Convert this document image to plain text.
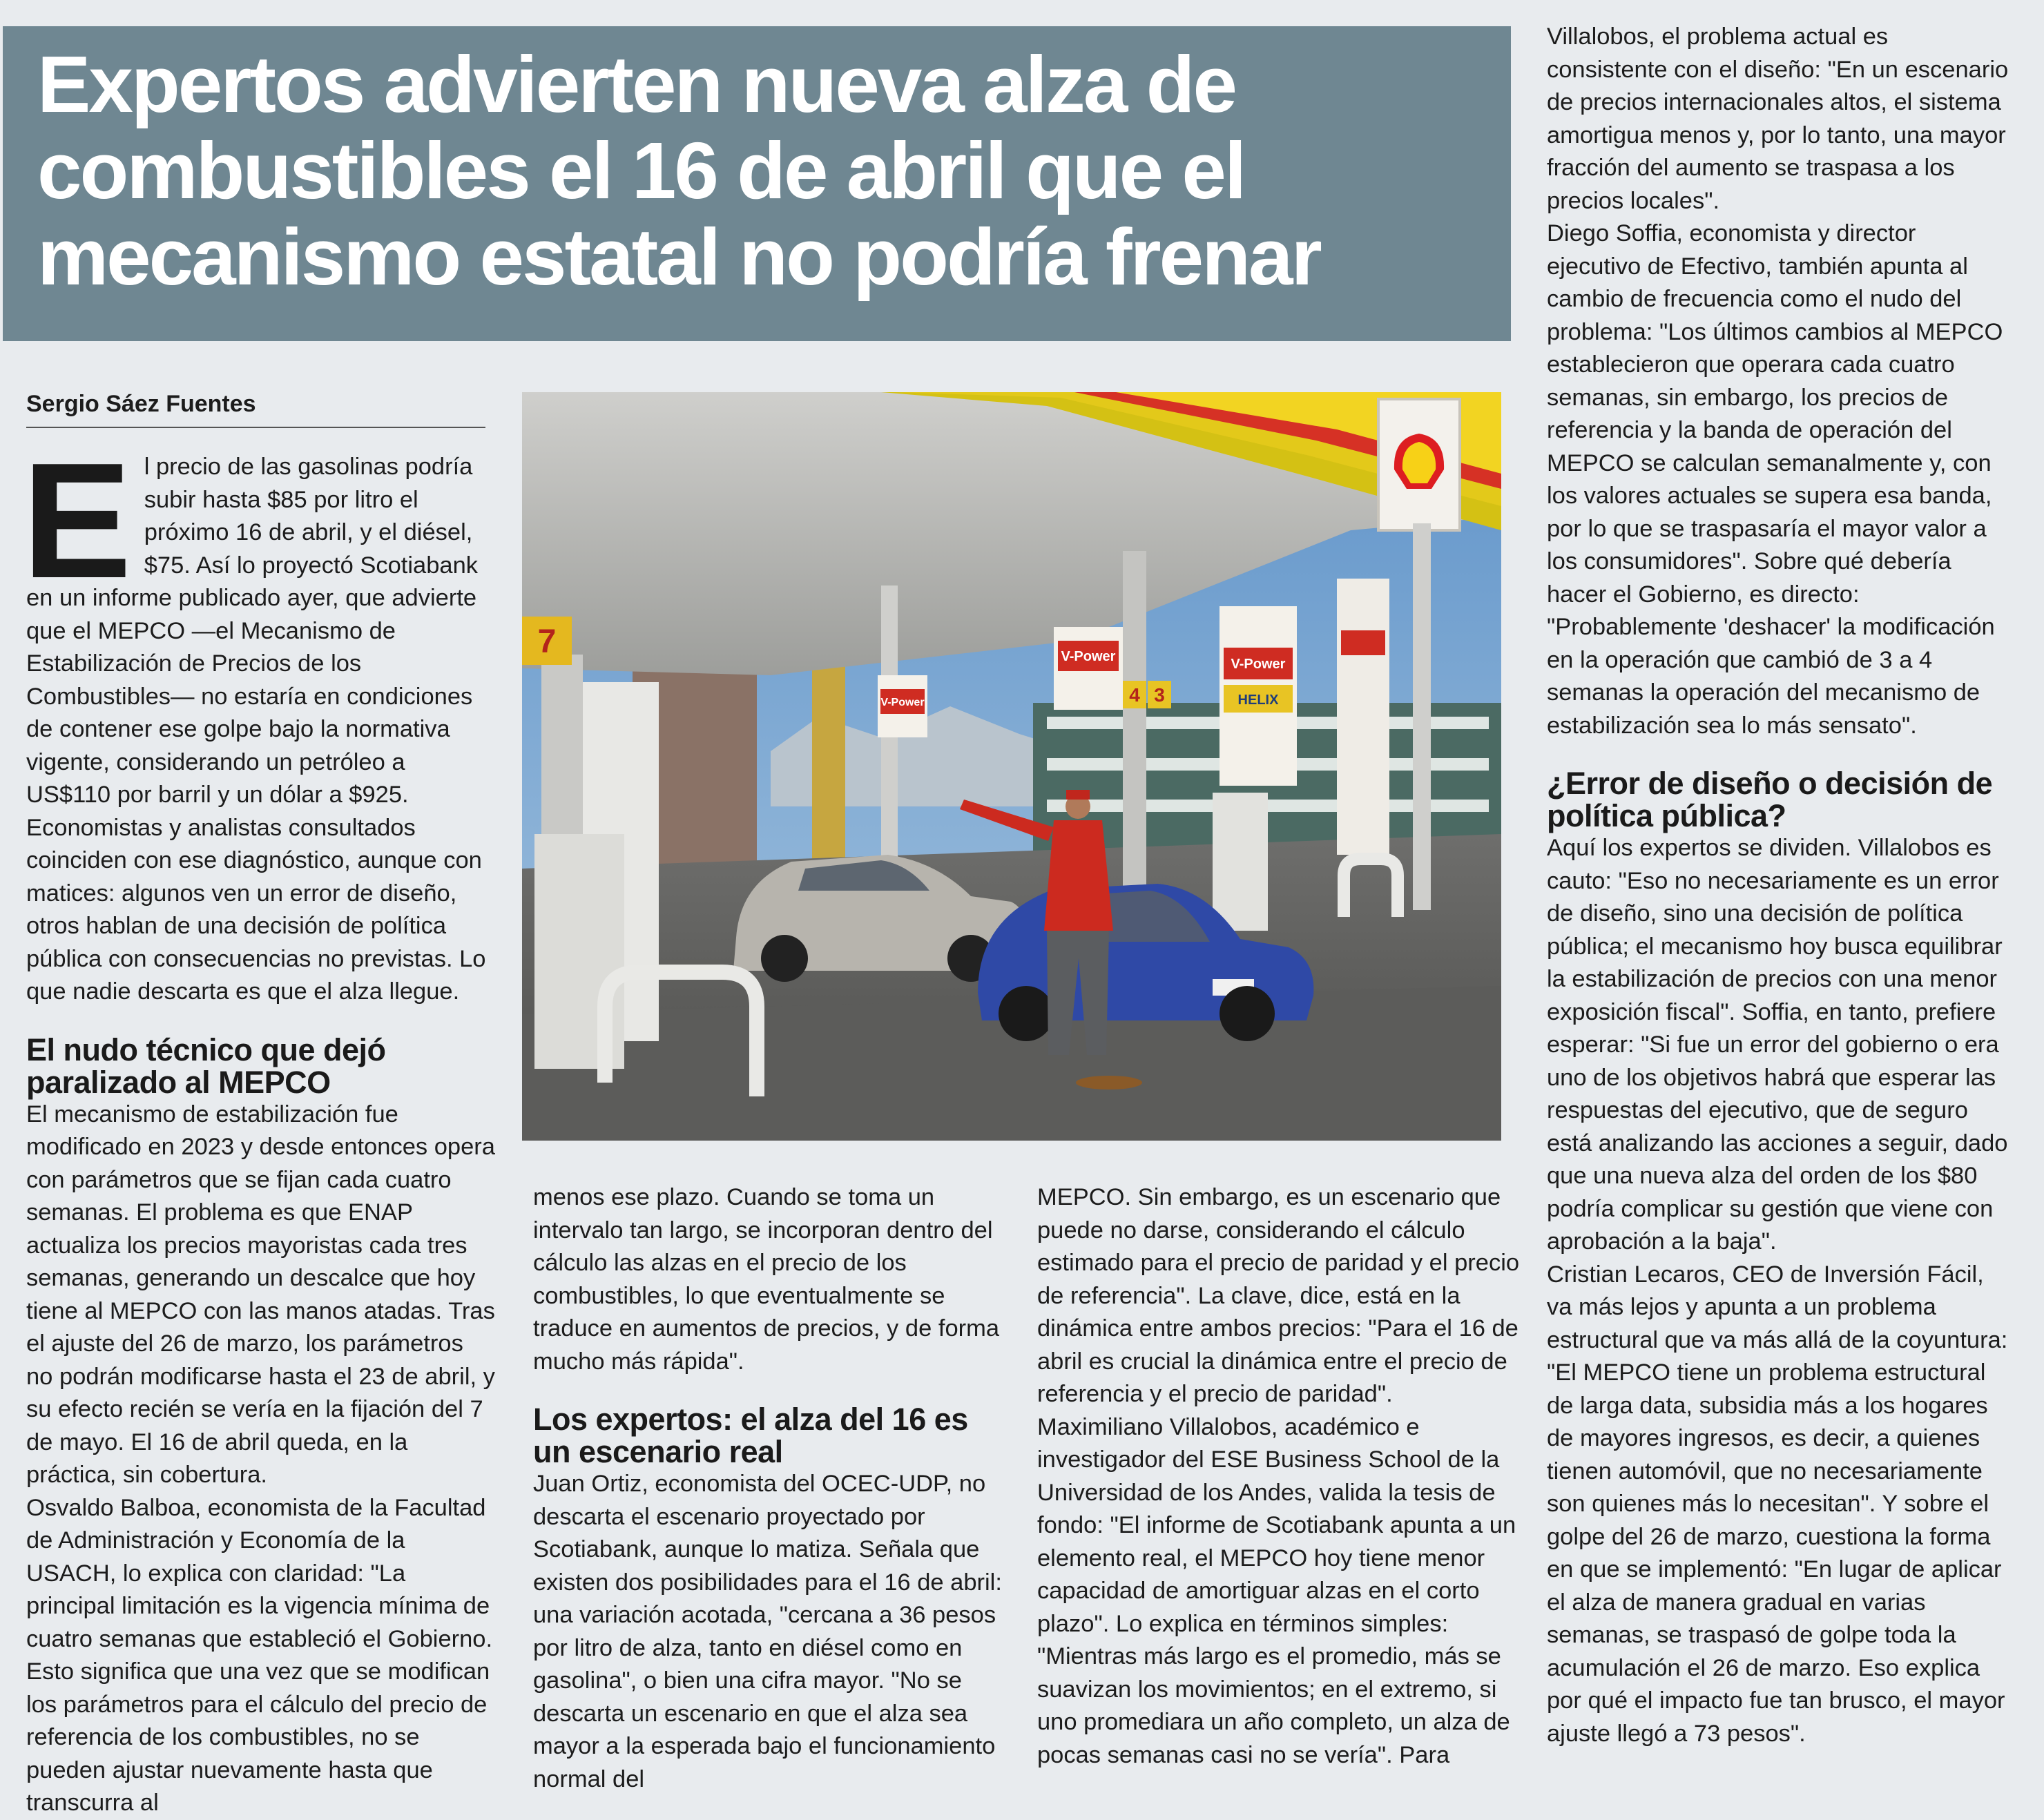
Expertos advierten nueva alza de combustibles el 16 de abril que el mecanismo estatal no podría frenar
Sergio Sáez Fuentes

El precio de las gasolinas podría subir hasta $85 por litro el próximo 16 de abril, y el diésel, $75. Así lo proyectó Scotiabank en un informe publicado ayer, que advierte que el MEPCO —el Mecanismo de Estabilización de Precios de los Combustibles— no estaría en condiciones de contener ese golpe bajo la normativa vigente, considerando un petróleo a US$110 por barril y un dólar a $925.

Economistas y analistas consultados coinciden con ese diagnóstico, aunque con matices: algunos ven un error de diseño, otros hablan de una decisión de política pública con consecuencias no previstas. Lo que nadie descarta es que el alza llegue.

El nudo técnico que dejó paralizado al MEPCO

El mecanismo de estabilización fue modificado en 2023 y desde entonces opera con parámetros que se fijan cada cuatro semanas. El problema es que ENAP actualiza los precios mayoristas cada tres semanas, generando un descalce que hoy tiene al MEPCO con las manos atadas. Tras el ajuste del 26 de marzo, los parámetros no podrán modificarse hasta el 23 de abril, y su efecto recién se vería en la fijación del 7 de mayo. El 16 de abril queda, en la práctica, sin cobertura.

Osvaldo Balboa, economista de la Facultad de Administración y Economía de la USACH, lo explica con claridad: "La principal limitación es la vigencia mínima de cuatro semanas que estableció el Gobierno. Esto significa que una vez que se modifican los parámetros para el cálculo del precio de referencia de los combustibles, no se pueden ajustar nuevamente hasta que transcurra al

7
V-Power
V-Power
4 3
V-Power
HELIX

menos ese plazo. Cuando se toma un intervalo tan largo, se incorporan dentro del cálculo las alzas en el precio de los combustibles, lo que eventualmente se traduce en aumentos de precios, y de forma mucho más rápida".

Los expertos: el alza del 16 es un escenario real

Juan Ortiz, economista del OCEC-UDP, no descarta el escenario proyectado por Scotiabank, aunque lo matiza. Señala que existen dos posibilidades para el 16 de abril: una variación acotada, "cercana a 36 pesos por litro de alza, tanto en diésel como en gasolina", o bien una cifra mayor. "No se descarta un escenario en que el alza sea mayor a la esperada bajo el funcionamiento normal del

MEPCO. Sin embargo, es un escenario que puede no darse, considerando el cálculo estimado para el precio de paridad y el precio de referencia". La clave, dice, está en la dinámica entre ambos precios: "Para el 16 de abril es crucial la dinámica entre el precio de referencia y el precio de paridad".

Maximiliano Villalobos, académico e investigador del ESE Business School de la Universidad de los Andes, valida la tesis de fondo: "El informe de Scotiabank apunta a un elemento real, el MEPCO hoy tiene menor capacidad de amortiguar alzas en el corto plazo". Lo explica en términos simples: "Mientras más largo es el promedio, más se suavizan los movimientos; en el extremo, si uno promediara un año completo, un alza de pocas semanas casi no se vería". Para

Villalobos, el problema actual es consistente con el diseño: "En un escenario de precios internacionales altos, el sistema amortigua menos y, por lo tanto, una mayor fracción del aumento se traspasa a los precios locales".

Diego Soffia, economista y director ejecutivo de Efectivo, también apunta al cambio de frecuencia como el nudo del problema: "Los últimos cambios al MEPCO establecieron que operara cada cuatro semanas, sin embargo, los precios de referencia y la banda de operación del MEPCO se calculan semanalmente y, con los valores actuales se supera esa banda, por lo que se traspasaría el mayor valor a los consumidores". Sobre qué debería hacer el Gobierno, es directo: "Probablemente 'deshacer' la modificación en la operación que cambió de 3 a 4 semanas la operación del mecanismo de estabilización sea lo más sensato".

¿Error de diseño o decisión de política pública?

Aquí los expertos se dividen. Villalobos es cauto: "Eso no necesariamente es un error de diseño, sino una decisión de política pública; el mecanismo hoy busca equilibrar la estabilización de precios con una menor exposición fiscal". Soffia, en tanto, prefiere esperar: "Si fue un error del gobierno o era uno de los objetivos habrá que esperar las respuestas del ejecutivo, que de seguro está analizando las acciones a seguir, dado que una nueva alza del orden de los $80 podría complicar su gestión que viene con aprobación a la baja".

Cristian Lecaros, CEO de Inversión Fácil, va más lejos y apunta a un problema estructural que va más allá de la coyuntura: "El MEPCO tiene un problema estructural de larga data, subsidia más a los hogares de mayores ingresos, es decir, a quienes tienen automóvil, que no necesariamente son quienes más lo necesitan". Y sobre el golpe del 26 de marzo, cuestiona la forma en que se implementó: "En lugar de aplicar el alza de manera gradual en varias semanas, se traspasó de golpe toda la acumulación el 26 de marzo. Eso explica por qué el impacto fue tan brusco, el mayor ajuste llegó a 73 pesos".
